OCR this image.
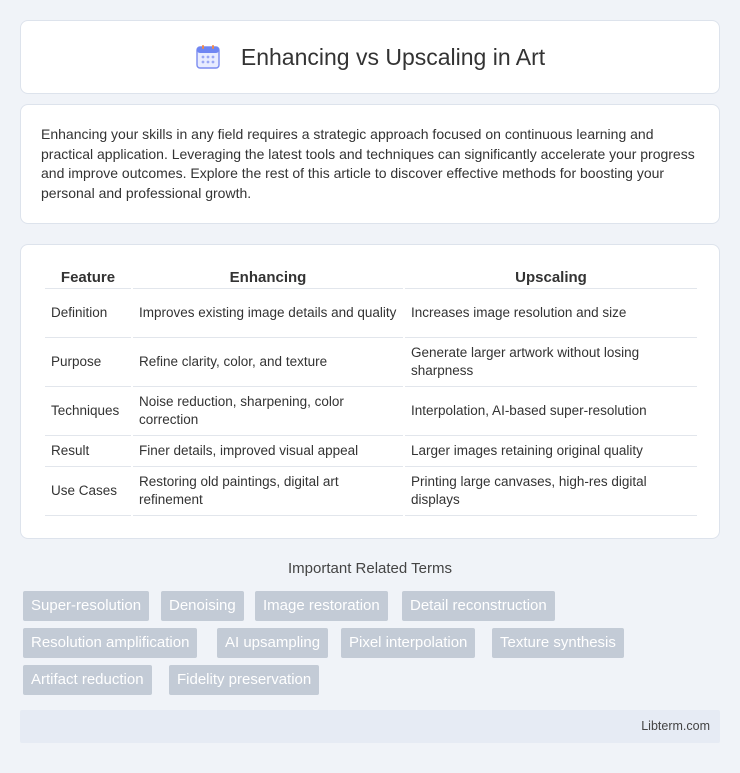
Enhancing vs Upscaling in Art

Enhancing your skills in any field requires a strategic approach focused on continuous learning and practical application. Leveraging the latest tools and techniques can significantly accelerate your progress and improve outcomes. Explore the rest of this article to discover effective methods for boosting your personal and professional growth.

Feature	Enhancing	Upscaling
Definition	Improves existing image details and quality	Increases image resolution and size
Purpose	Refine clarity, color, and texture	Generate larger artwork without losing sharpness
Techniques	Noise reduction, sharpening, color correction	Interpolation, AI-based super-resolution
Result	Finer details, improved visual appeal	Larger images retaining original quality
Use Cases	Restoring old paintings, digital art refinement	Printing large canvases, high-res digital displays
Important Related Terms
Super-resolution	Denoising	Image restoration	Detail reconstruction
Resolution amplification	AI upsampling	Pixel interpolation	Texture synthesis
Artifact reduction	Fidelity preservation
Libterm.com
